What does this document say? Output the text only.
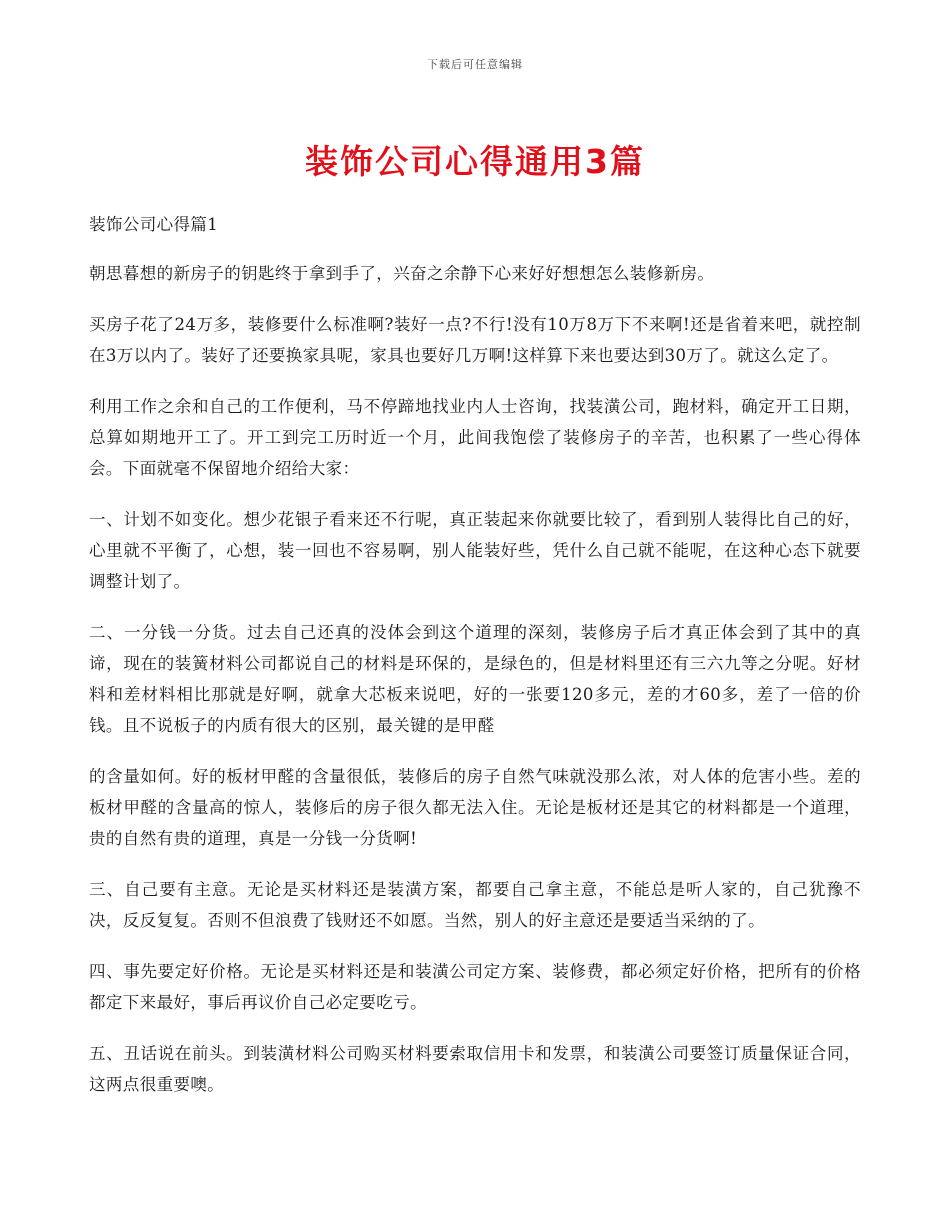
下载后可任意编辑
装饰公司心得通用3篇

装饰公司心得篇1

朝思暮想的新房子的钥匙终于拿到手了，兴奋之余静下心来好好想想怎么装修新房。

买房子花了24万多，装修要什么标准啊?装好一点?不行!没有10万8万下不来啊!还是省着来吧，就控制在3万以内了。装好了还要换家具呢，家具也要好几万啊!这样算下来也要达到30万了。就这么定了。

利用工作之余和自己的工作便利，马不停蹄地找业内人士咨询，找装潢公司，跑材料，确定开工日期，总算如期地开工了。开工到完工历时近一个月，此间我饱偿了装修房子的辛苦，也积累了一些心得体会。下面就毫不保留地介绍给大家：

一、计划不如变化。想少花银子看来还不行呢，真正装起来你就要比较了，看到别人装得比自己的好，心里就不平衡了，心想，装一回也不容易啊，别人能装好些，凭什么自己就不能呢，在这种心态下就要调整计划了。

二、一分钱一分货。过去自己还真的没体会到这个道理的深刻，装修房子后才真正体会到了其中的真谛，现在的装簧材料公司都说自己的材料是环保的，是绿色的，但是材料里还有三六九等之分呢。好材料和差材料相比那就是好啊，就拿大芯板来说吧，好的一张要120多元，差的才60多，差了一倍的价钱。且不说板子的内质有很大的区别，最关键的是甲醛

的含量如何。好的板材甲醛的含量很低，装修后的房子自然气味就没那么浓，对人体的危害小些。差的板材甲醛的含量高的惊人，装修后的房子很久都无法入住。无论是板材还是其它的材料都是一个道理，贵的自然有贵的道理，真是一分钱一分货啊!

三、自己要有主意。无论是买材料还是装潢方案，都要自己拿主意，不能总是听人家的，自己犹豫不决，反反复复。否则不但浪费了钱财还不如愿。当然，别人的好主意还是要适当采纳的了。

四、事先要定好价格。无论是买材料还是和装潢公司定方案、装修费，都必须定好价格，把所有的价格都定下来最好，事后再议价自己必定要吃亏。

五、丑话说在前头。到装潢材料公司购买材料要索取信用卡和发票，和装潢公司要签订质量保证合同，这两点很重要噢。
